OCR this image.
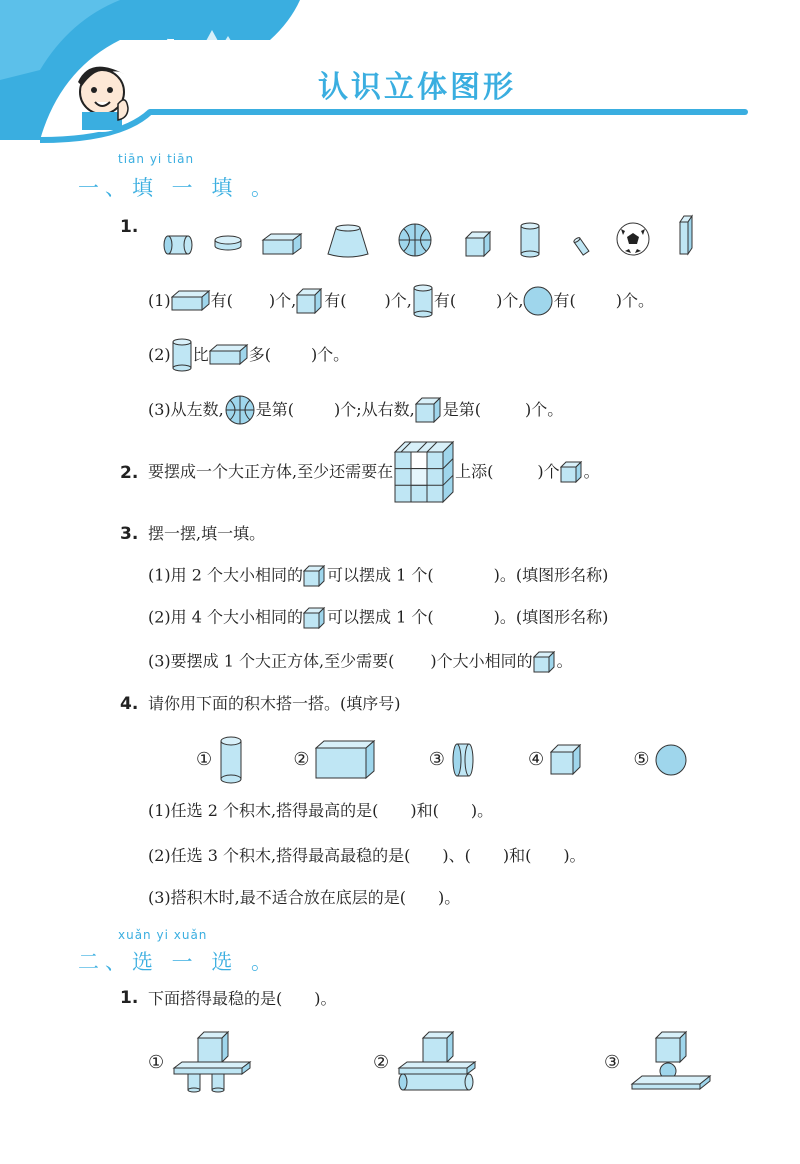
认识立体图形
tiān yi tiān
一、填 一 填 。
1.
(1)	有( )个, 有( )个, 有(	)个, 有(	)个。
(2) 比	多(	)个。
(3)从左数, 是第(	)个;从右数, 是第(	)个。
2. 要摆成一个大正方体,至少还需要在	上添(	)个 。
3. 摆一摆,填一填。
(1)用 2 个大小相同的 可以摆成 1 个(	)。(填图形名称)
(2)用 4 个大小相同的 可以摆成 1 个(	)。(填图形名称)
(3)要摆成 1 个大正方体,至少需要( )个大小相同的 。
4. 请你用下面的积木搭一搭。(填序号)
①	②	③	④	⑤
(1)任选 2 个积木,搭得最高的是(　　)和(　　)。
(2)任选 3 个积木,搭得最高最稳的是(　　)、(　　)和(　　)。
(3)搭积木时,最不适合放在底层的是(　　)。
xuǎn yi xuǎn
二、选 一 选 。
1. 下面搭得最稳的是(　　)。
①	②	③
